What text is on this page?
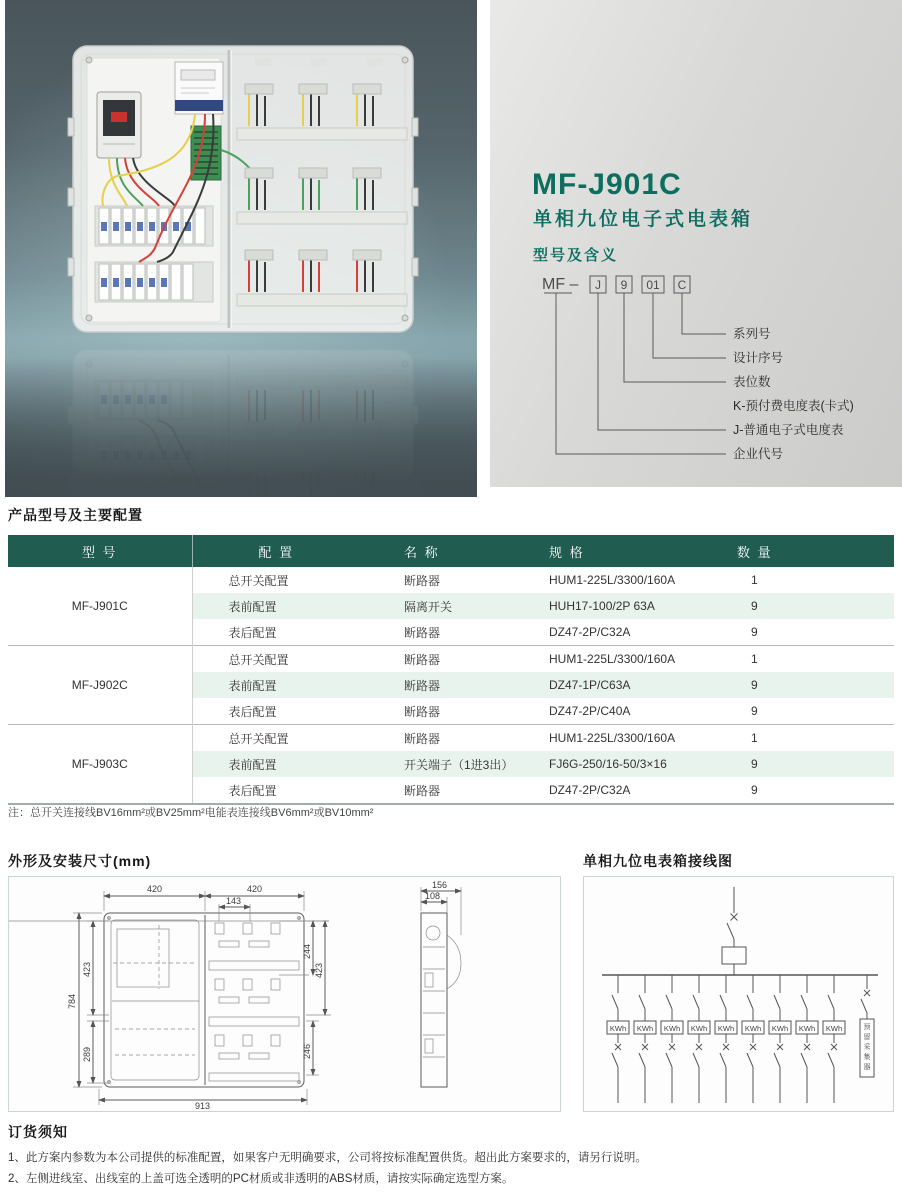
MF-J901C
单相九位电子式电表箱
型号及含义
MF – J 9 01 C
系列号
设计序号
表位数
K-预付费电度表(卡式)
J-普通电子式电度表
企业代号
产品型号及主要配置
型 号	配 置	名 称	规 格	数 量
MF-J901C	总开关配置	断路器	HUM1-225L/3300/160A	1
	表前配置	隔离开关	HUH17-100/2P 63A	9
	表后配置	断路器	DZ47-2P/C32A	9
MF-J902C	总开关配置	断路器	HUM1-225L/3300/160A	1
	表前配置	断路器	DZ47-1P/C63A	9
	表后配置	断路器	DZ47-2P/C40A	9
MF-J903C	总开关配置	断路器	HUM1-225L/3300/160A	1
	表前配置	开关端子（1进3出）	FJ6G-250/16-50/3×16	9
	表后配置	断路器	DZ47-2P/C32A	9
注：总开关连接线BV16mm²或BV25mm²电能表连接线BV6mm²或BV10mm²
外形及安装尺寸(mm)
420	420
143
784
423
289
244
423
246
913
156
108
单相九位电表箱接线图
KWh KWh KWh KWh KWh KWh KWh KWh KWh	预留采集器
订货须知
1、此方案内参数为本公司提供的标准配置，如果客户无明确要求，公司将按标准配置供货。超出此方案要求的，请另行说明。
2、左侧进线室、出线室的上盖可选全透明的PC材质或非透明的ABS材质，请按实际确定选型方案。
